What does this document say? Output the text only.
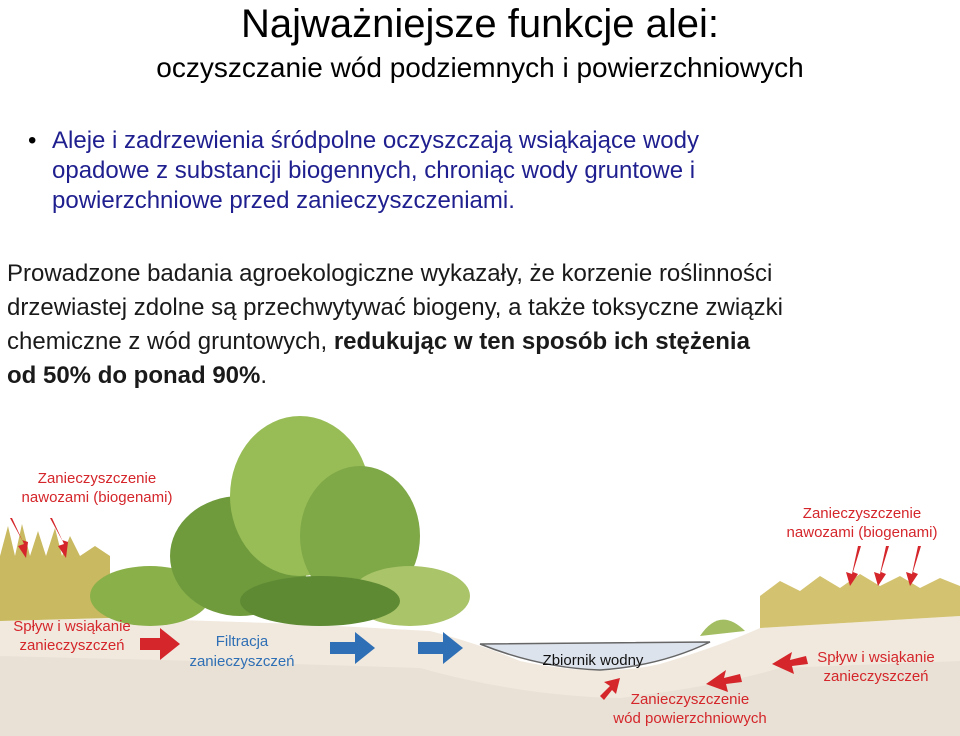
Najważniejsze funkcje alei:
oczyszczanie wód podziemnych i powierzchniowych
• Aleje i zadrzewienia śródpolne oczyszczają wsiąkające wody
opadowe z substancji biogennych, chroniąc wody gruntowe i
powierzchniowe przed zanieczyszczeniami.
Prowadzone badania agroekologiczne wykazały, że korzenie roślinności
drzewiastej zdolne są przechwytywać biogeny, a także toksyczne związki
chemiczne z wód gruntowych, redukując w ten sposób ich stężenia
od 50% do ponad 90%.
Zanieczyszczenie
nawozami (biogenami)
Zanieczyszczenie
nawozami (biogenami)
Spływ i wsiąkanie
zanieczyszczeń	Filtracja
zanieczyszczeń	Zbiornik wodny	Spływ i wsiąkanie
zanieczyszczeń
Zanieczyszczenie
wód powierzchniowych
